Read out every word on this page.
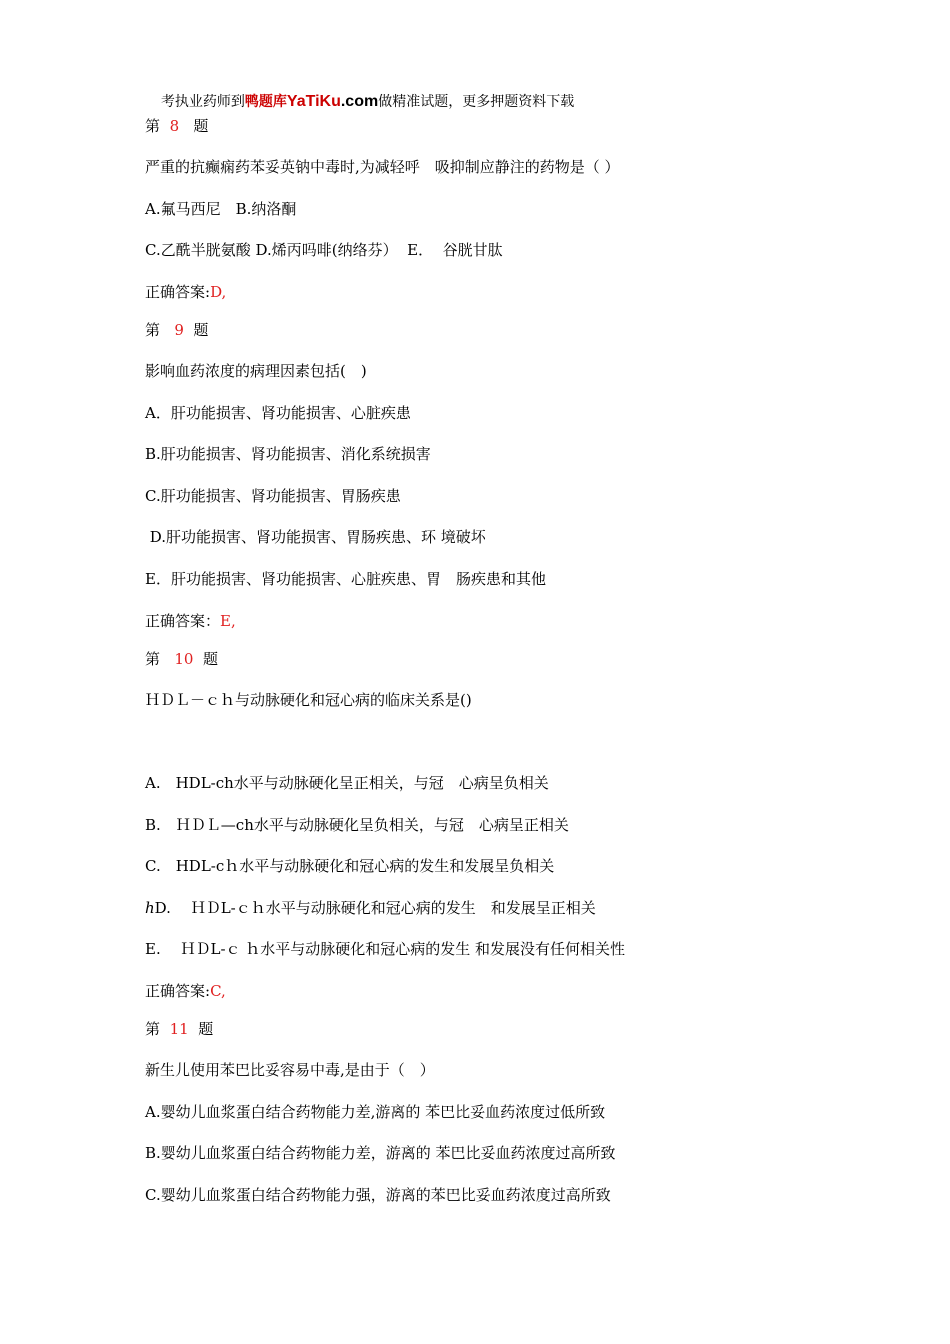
考执业药师到鸭题库YaTiKu.com做精准试题，更多押题资料下载

第 8 题
严重的抗癫痫药苯妥英钠中毒时,为减轻呼　吸抑制应静注的药物是（ ）
A.氟马西尼　B.纳洛酮
C.乙酰半胱氨酸 D.烯丙吗啡(纳络芬）  E．  谷胱甘肽
正确答案:D,
第 9 题
影响血药浓度的病理因素包括(　)
A．肝功能损害、肾功能损害、心脏疾患
B.肝功能损害、肾功能损害、消化系统损害
C.肝功能损害、肾功能损害、胃肠疾患
D.肝功能损害、肾功能损害、胃肠疾患、环 境破坏
E．肝功能损害、肾功能损害、心脏疾患、胃　肠疾患和其他
正确答案：E,
第 10 题
ＨＤＬ－ｃｈ与动脉硬化和冠心病的临床关系是()
A.　HDL-ch水平与动脉硬化呈正相关，与冠　心病呈负相关
B.　ＨＤＬ—ch水平与动脉硬化呈负相关，与冠　心病呈正相关
C.　HDL-cｈ水平与动脉硬化和冠心病的发生和发展呈负相关
ℎD.　 ＨＤL-ｃｈ水平与动脉硬化和冠心病的发生　和发展呈正相关
E.　 ＨＤL-ｃ ｈ水平与动脉硬化和冠心病的发生 和发展没有任何相关性
正确答案:C,
第 11 题
新生儿使用苯巴比妥容易中毒,是由于（　）
A.婴幼儿血浆蛋白结合药物能力差,游离的 苯巴比妥血药浓度过低所致
B.婴幼儿血浆蛋白结合药物能力差，游离的 苯巴比妥血药浓度过高所致
C.婴幼儿血浆蛋白结合药物能力强，游离的苯巴比妥血药浓度过高所致
